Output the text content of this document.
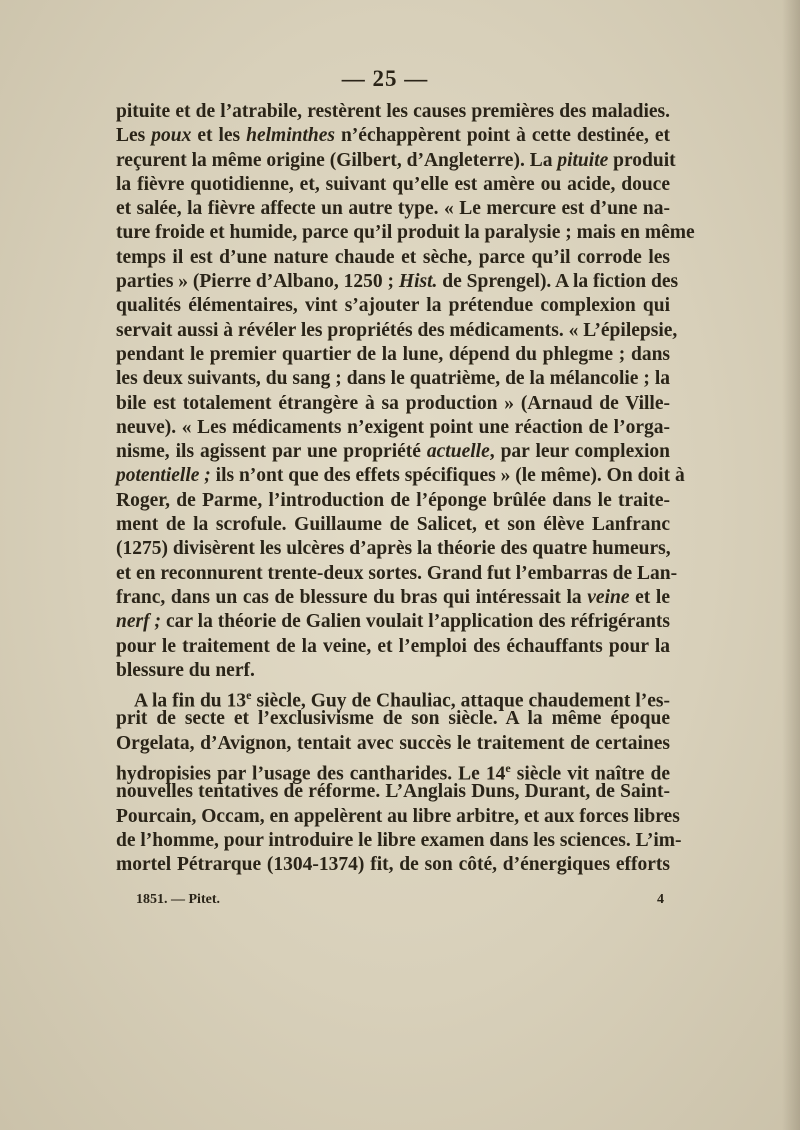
— 25 —
pituite et de l’atrabile, restèrent les causes premières des maladies.
Les poux et les helminthes n’échappèrent point à cette destinée, et
reçurent la même origine (Gilbert, d’Angleterre). La pituite produit
la fièvre quotidienne, et, suivant qu’elle est amère ou acide, douce
et salée, la fièvre affecte un autre type. « Le mercure est d’une na-
ture froide et humide, parce qu’il produit la paralysie ; mais en même
temps il est d’une nature chaude et sèche, parce qu’il corrode les
parties » (Pierre d’Albano, 1250 ; Hist. de Sprengel). A la fiction des
qualités élémentaires, vint s’ajouter la prétendue complexion qui
servait aussi à révéler les propriétés des médicaments. « L’épilepsie,
pendant le premier quartier de la lune, dépend du phlegme ; dans
les deux suivants, du sang ; dans le quatrième, de la mélancolie ; la
bile est totalement étrangère à sa production » (Arnaud de Ville-
neuve). « Les médicaments n’exigent point une réaction de l’orga-
nisme, ils agissent par une propriété actuelle, par leur complexion
potentielle ; ils n’ont que des effets spécifiques » (le même). On doit à
Roger, de Parme, l’introduction de l’éponge brûlée dans le traite-
ment de la scrofule. Guillaume de Salicet, et son élève Lanfranc
(1275) divisèrent les ulcères d’après la théorie des quatre humeurs,
et en reconnurent trente-deux sortes. Grand fut l’embarras de Lan-
franc, dans un cas de blessure du bras qui intéressait la veine et le
nerf ; car la théorie de Galien voulait l’application des réfrigérants
pour le traitement de la veine, et l’emploi des échauffants pour la
blessure du nerf.
A la fin du 13e siècle, Guy de Chauliac, attaque chaudement l’es-
prit de secte et l’exclusivisme de son siècle. A la même époque
Orgelata, d’Avignon, tentait avec succès le traitement de certaines
hydropisies par l’usage des cantharides. Le 14e siècle vit naître de
nouvelles tentatives de réforme. L’Anglais Duns, Durant, de Saint-
Pourcain, Occam, en appelèrent au libre arbitre, et aux forces libres
de l’homme, pour introduire le libre examen dans les sciences. L’im-
mortel Pétrarque (1304-1374) fit, de son côté, d’énergiques efforts
1851. — Pitet.	4
